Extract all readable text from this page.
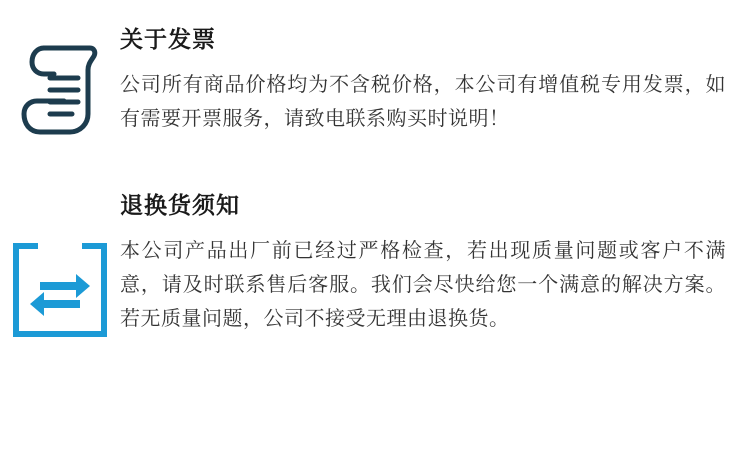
关于发票

公司所有商品价格均为不含税价格，本公司有增值税专用发票，如有需要开票服务，请致电联系购买时说明！

退换货须知

本公司产品出厂前已经过严格检查，若出现质量问题或客户不满意，请及时联系售后客服。我们会尽快给您一个满意的解决方案。若无质量问题，公司不接受无理由退换货。
